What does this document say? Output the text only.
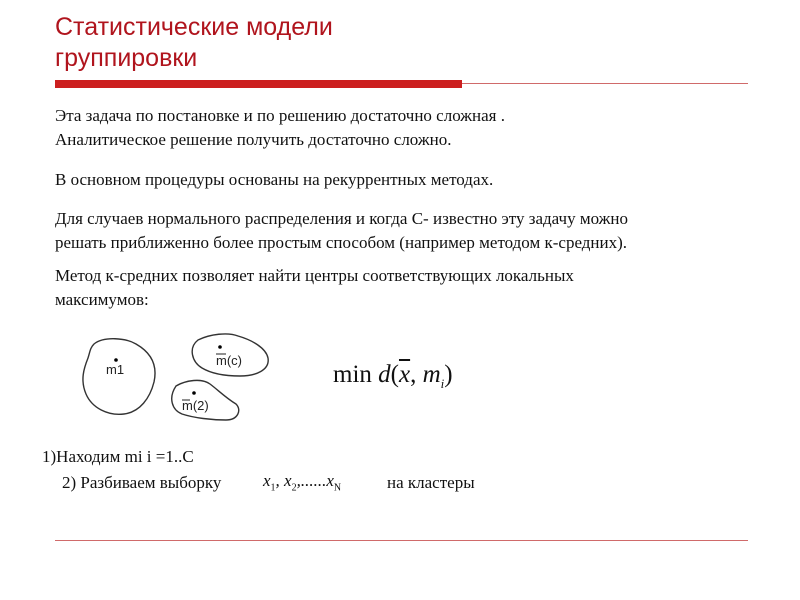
Статистические модели
группировки

Эта задача по постановке и по решению достаточно сложная .
Аналитическое решение получить достаточно сложно.

В основном процедуры основаны на рекуррентных методах.

Для случаев нормального распределения и когда С- известно эту задачу можно
решать приближенно более простым способом (например методом к-средних).

Метод к-средних позволяет найти центры соответствующих локальных
максимумов:

m1
m(c)
m(2)
$\min d(\overline{x}$, $m_i$)
1)Находим mi i =1..C
2) Разбиваем выборку $x_1$, $x_2,......x_N$	на кластеры
